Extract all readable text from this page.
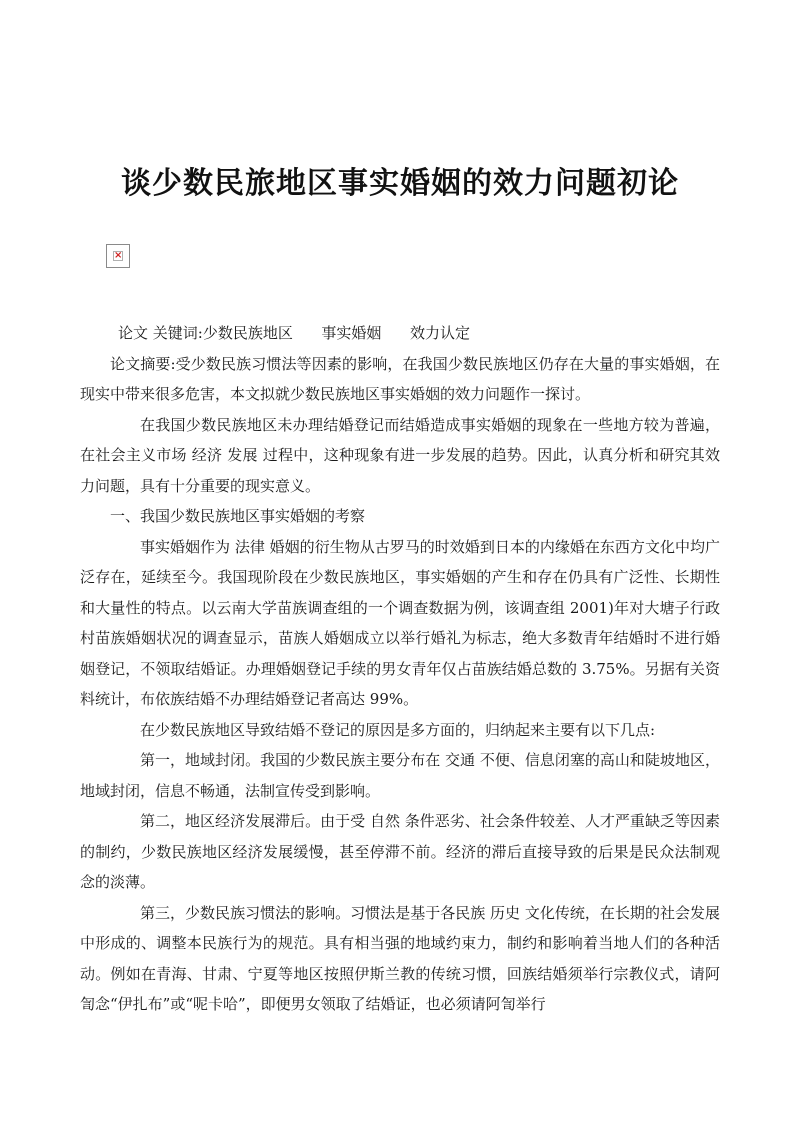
谈少数民旅地区事实婚姻的效力问题初论
×

论文 关键词:少数民族地区      事实婚姻      效力认定

论文摘要:受少数民族习惯法等因素的影响，在我国少数民族地区仍存在大量的事实婚姻，在现实中带来很多危害，本文拟就少数民族地区事实婚姻的效力问题作一探讨。

在我国少数民族地区未办理结婚登记而结婚造成事实婚姻的现象在一些地方较为普遍，在社会主义市场 经济 发展 过程中，这种现象有进一步发展的趋势。因此，认真分析和研究其效力问题，具有十分重要的现实意义。

一、我国少数民族地区事实婚姻的考察

事实婚姻作为 法律 婚姻的衍生物从古罗马的时效婚到日本的内缘婚在东西方文化中均广泛存在，延续至今。我国现阶段在少数民族地区，事实婚姻的产生和存在仍具有广泛性、长期性和大量性的特点。以云南大学苗族调查组的一个调查数据为例，该调查组 2001)年对大塘子行政村苗族婚姻状况的调查显示，苗族人婚姻成立以举行婚礼为标志，绝大多数青年结婚时不进行婚姻登记，不领取结婚证。办理婚姻登记手续的男女青年仅占苗族结婚总数的 3.75%。另据有关资料统计，布依族结婚不办理结婚登记者高达 99%。

在少数民族地区导致结婚不登记的原因是多方面的，归纳起来主要有以下几点:

第一，地域封闭。我国的少数民族主要分布在 交通 不便、信息闭塞的高山和陡坡地区，地域封闭，信息不畅通，法制宣传受到影响。

第二，地区经济发展滞后。由于受 自然 条件恶劣、社会条件较差、人才严重缺乏等因素的制约，少数民族地区经济发展缓慢，甚至停滞不前。经济的滞后直接导致的后果是民众法制观念的淡薄。

第三，少数民族习惯法的影响。习惯法是基于各民族 历史 文化传统，在长期的社会发展中形成的、调整本民族行为的规范。具有相当强的地域约束力，制约和影响着当地人们的各种活动。例如在青海、甘肃、宁夏等地区按照伊斯兰教的传统习惯，回族结婚须举行宗教仪式，请阿訇念“伊扎布”或“呢卡哈”，即便男女领取了结婚证，也必须请阿訇举行
